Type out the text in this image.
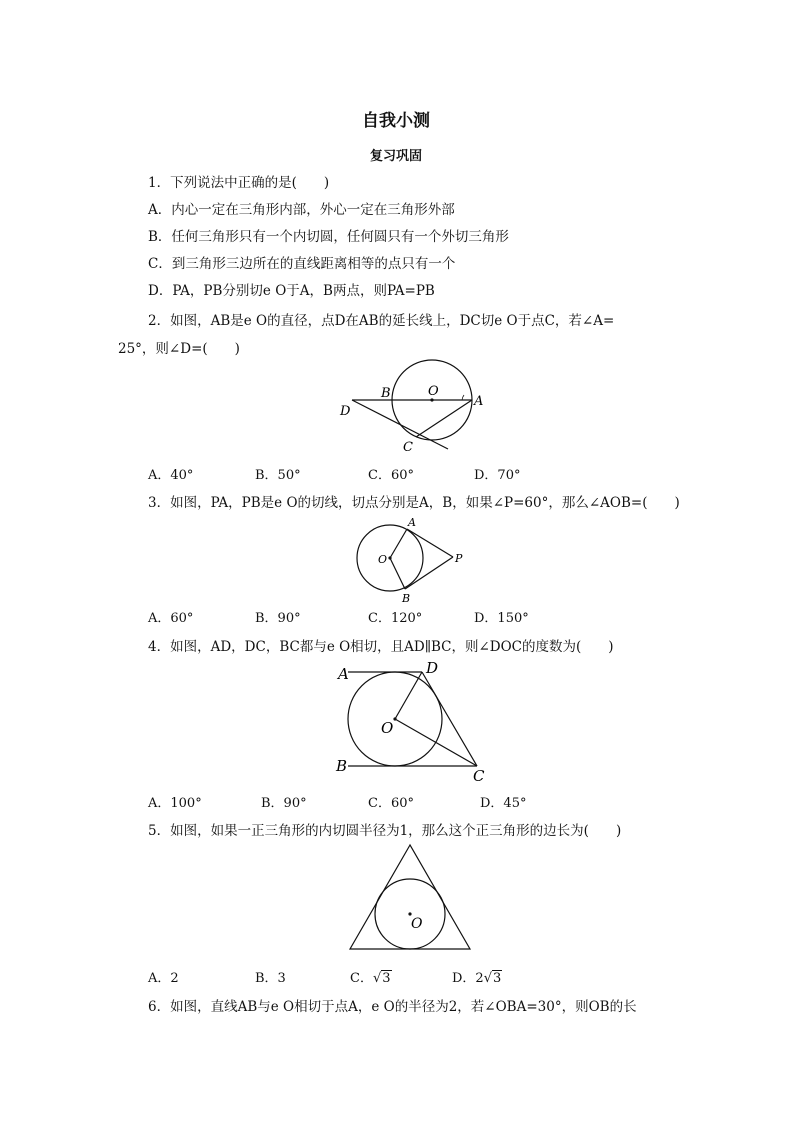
自我小测
复习巩固
1．下列说法中正确的是(　　)
A．内心一定在三角形内部，外心一定在三角形外部
B．任何三角形只有一个内切圆，任何圆只有一个外切三角形
C．到三角形三边所在的直线距离相等的点只有一个
D．PA，PB分别切e O于A，B两点，则PA=PB
2．如图，AB是e O的直径，点D在AB的延长线上，DC切e O于点C，若∠A=
25°，则∠D=(　　)
B	O
A
D
C
A．40°	B．50°	C．60°	D．70°
3．如图，PA，PB是e O的切线，切点分别是A，B，如果∠P=60°，那么∠AOB=(　　)
A
O	P
B
A．60°	B．90°	C．120°	D．150°
4．如图，AD，DC，BC都与e O相切，且AD∥BC，则∠DOC的度数为(　　)
A	D
O
B
C
A．100°	B．90°	C．60°	D．45°
5．如图，如果一正三角形的内切圆半径为1，那么这个正三角形的边长为(　　)
O
A．2	B．3	C．√3	D．2√3
6．如图，直线AB与e O相切于点A，e O的半径为2，若∠OBA=30°，则OB的长
